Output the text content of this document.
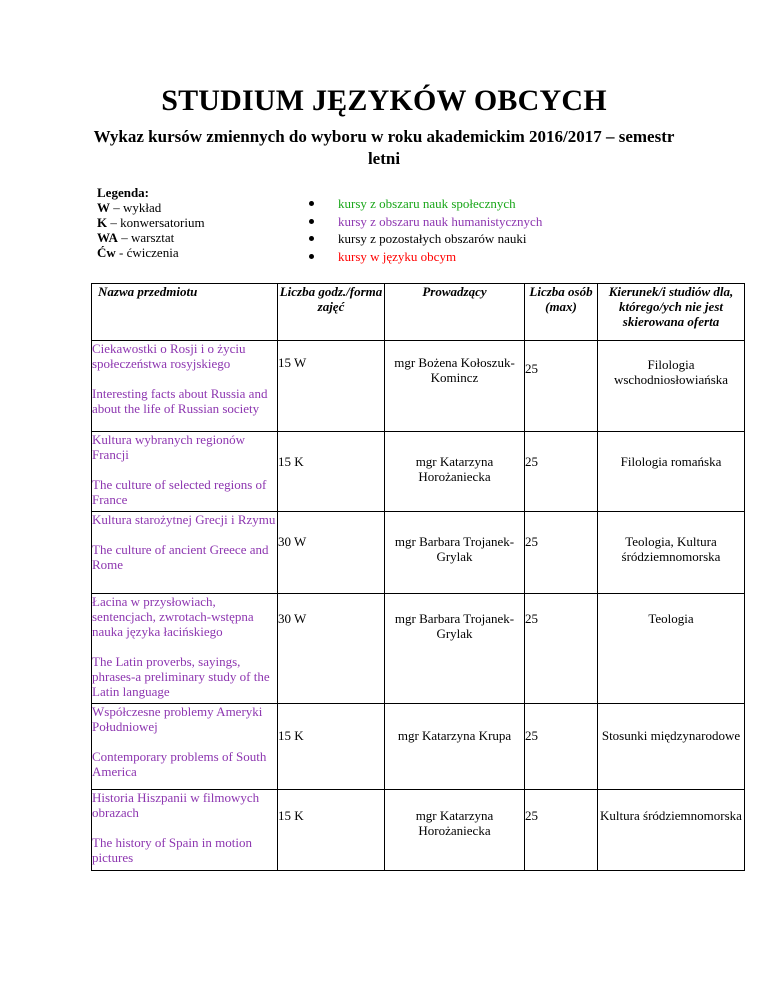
STUDIUM JĘZYKÓW OBCYCH
Wykaz kursów zmiennych do wyboru w roku akademickim 2016/2017 – semestr letni
Legenda:
W – wykład
K – konwersatorium
WA – warsztat
Ćw - ćwiczenia
kursy z obszaru nauk społecznych
kursy z obszaru nauk humanistycznych
kursy z pozostałych obszarów nauki
kursy w języku obcym
Nazwa przedmiotu	Liczba godz./forma zajęć	Prowadzący	Liczba osób (max)	Kierunek/i studiów dla, którego/ych nie jest skierowana oferta

Ciekawostki o Rosji i o życiu społeczeństwa rosyjskiego
Interesting facts about Russia and about the life of Russian society	15 W	mgr Bożena Kołoszuk-Komincz	25	Filologia wschodniosłowiańska

Kultura wybranych regionów Francji
The culture of selected regions of France	15 K	mgr Katarzyna Horożaniecka	25	Filologia romańska

Kultura starożytnej Grecji i Rzymu
The culture of ancient Greece and Rome	30 W	mgr Barbara Trojanek-Grylak	25	Teologia, Kultura śródziemnomorska

Łacina w przysłowiach, sentencjach, zwrotach-wstępna nauka języka łacińskiego
The Latin proverbs, sayings, phrases-a preliminary study of the Latin language	30 W	mgr Barbara Trojanek-Grylak	25	Teologia

Współczesne problemy Ameryki Południowej
Contemporary problems of South America	15 K	mgr Katarzyna Krupa	25	Stosunki międzynarodowe

Historia Hiszpanii w filmowych obrazach
The history of Spain in motion pictures	15 K	mgr Katarzyna Horożaniecka	25	Kultura śródziemnomorska
